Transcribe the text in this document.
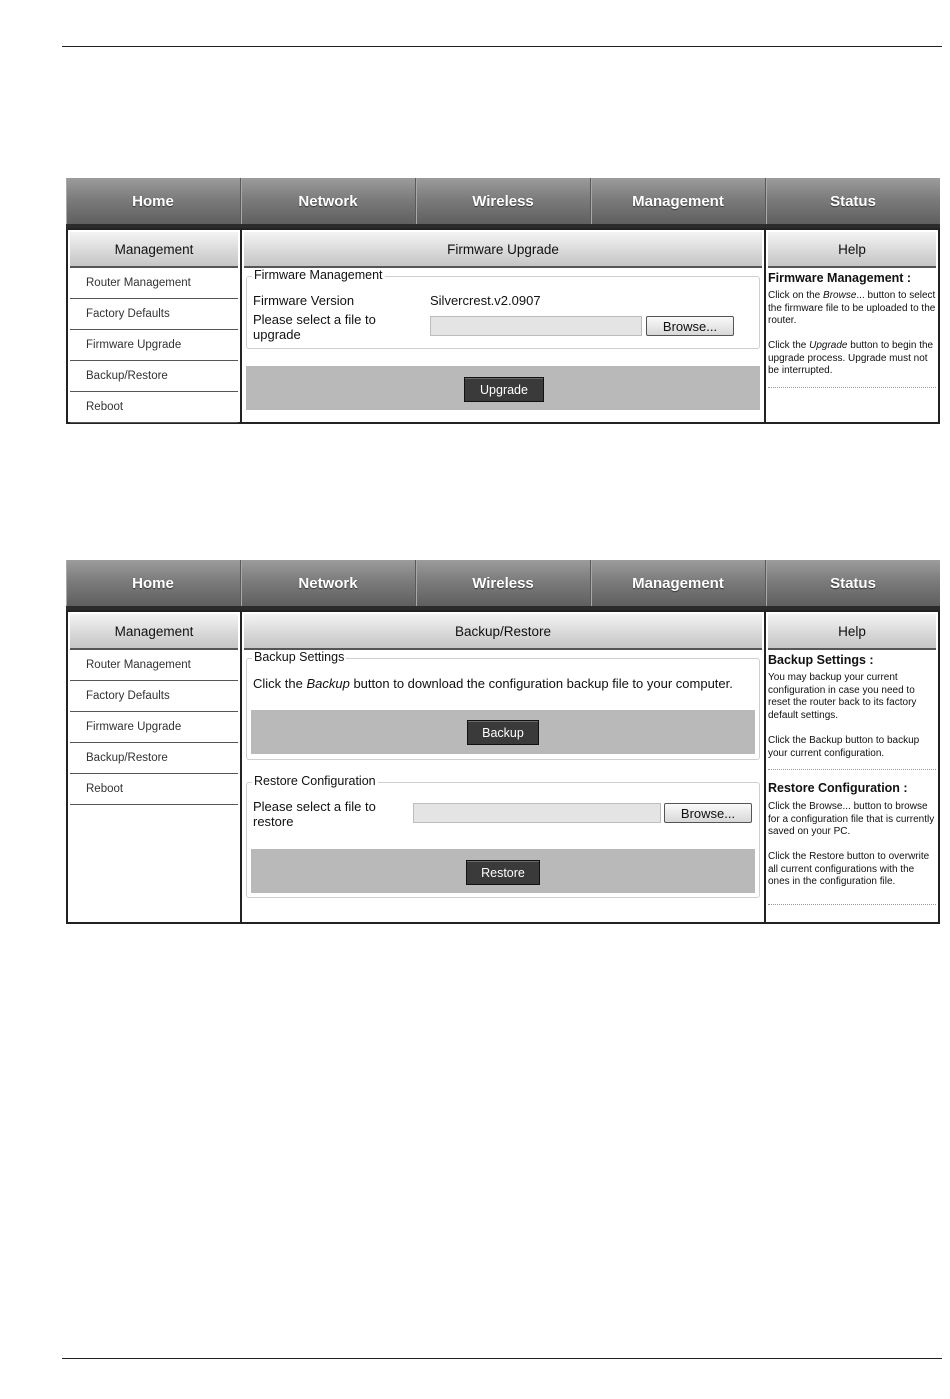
Home	Network	Wireless	Management	Status
Management
Router Management
Factory Defaults
Firmware Upgrade
Backup/Restore
Reboot
Firmware Upgrade
Firmware Management
Firmware Version	Silvercrest.v2.0907
Please select a file to upgrade
Browse...
Upgrade
Help
Firmware Management :
Click on the Browse... button to select the firmware file to be uploaded to the router.
Click the Upgrade button to begin the upgrade process. Upgrade must not be interrupted.
Home	Network	Wireless	Management	Status
Management
Router Management
Factory Defaults
Firmware Upgrade
Backup/Restore
Reboot
Backup/Restore
Backup Settings
Click the Backup button to download the configuration backup file to your computer.
Backup
Restore Configuration
Please select a file to restore
Browse...
Restore
Help
Backup Settings :
You may backup your current configuration in case you need to reset the router back to its factory default settings.
Click the Backup button to backup your current configuration.
Restore Configuration :
Click the Browse... button to browse for a configuration file that is currently saved on your PC.
Click the Restore button to overwrite all current configurations with the ones in the configuration file.
